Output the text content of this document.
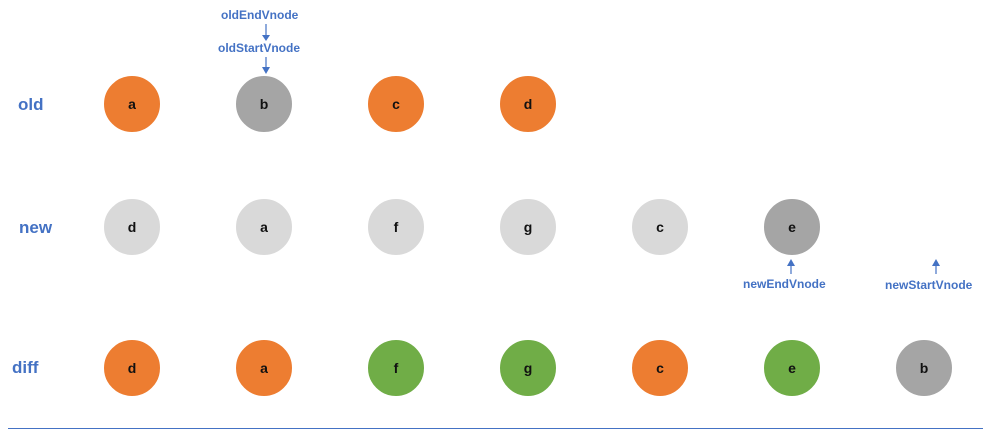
old
new
diff
a	b	c	d
d	a	f	g	c	e
d	a	f	g	c	e	b
oldEndVnode
oldStartVnode
newEndVnode	newStartVnode
